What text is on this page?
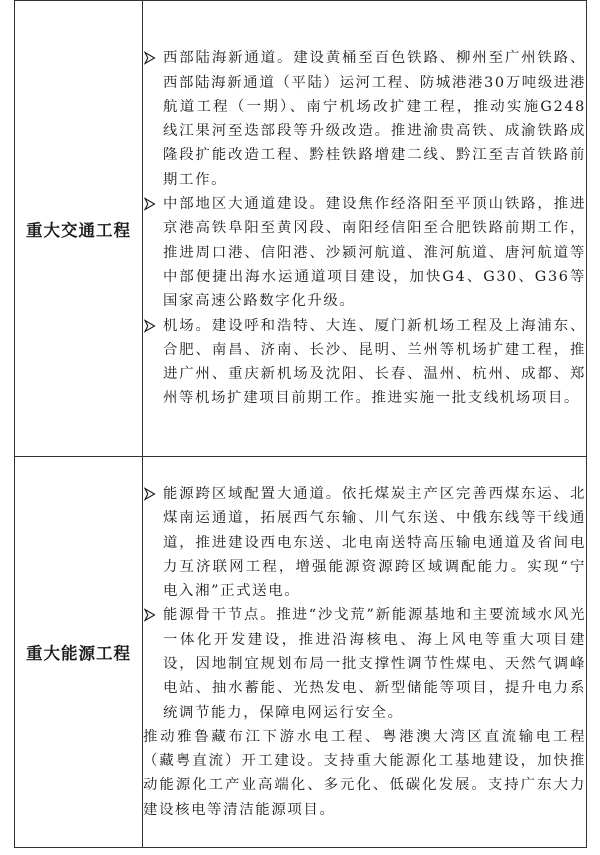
重大交通工程	西部陆海新通道。建设黄桶至百色铁路、柳州至广州铁路、西部陆海新通道（平陆）运河工程、防城港港30万吨级进港航道工程（一期）、南宁机场改扩建工程，推动实施G248线江果河至迭部段等升级改造。推进渝贵高铁、成渝铁路成隆段扩能改造工程、黔桂铁路增建二线、黔江至吉首铁路前期工作。
中部地区大通道建设。建设焦作经洛阳至平顶山铁路，推进京港高铁阜阳至黄冈段、南阳经信阳至合肥铁路前期工作，推进周口港、信阳港、沙颍河航道、淮河航道、唐河航道等中部便捷出海水运通道项目建设，加快G4、G30、G36等国家高速公路数字化升级。
机场。建设呼和浩特、大连、厦门新机场工程及上海浦东、合肥、南昌、济南、长沙、昆明、兰州等机场扩建工程，推进广州、重庆新机场及沈阳、长春、温州、杭州、成都、郑州等机场扩建项目前期工作。推进实施一批支线机场项目。

重大能源工程	能源跨区域配置大通道。依托煤炭主产区完善西煤东运、北煤南运通道，拓展西气东输、川气东送、中俄东线等干线通道，推进建设西电东送、北电南送特高压输电通道及省间电力互济联网工程，增强能源资源跨区域调配能力。实现“宁电入湘”正式送电。
能源骨干节点。推进“沙戈荒”新能源基地和主要流域水风光一体化开发建设，推进沿海核电、海上风电等重大项目建设，因地制宜规划布局一批支撑性调节性煤电、天然气调峰电站、抽水蓄能、光热发电、新型储能等项目，提升电力系统调节能力，保障电网运行安全。
推动雅鲁藏布江下游水电工程、粤港澳大湾区直流输电工程（藏粤直流）开工建设。支持重大能源化工基地建设，加快推动能源化工产业高端化、多元化、低碳化发展。支持广东大力建设核电等清洁能源项目。
